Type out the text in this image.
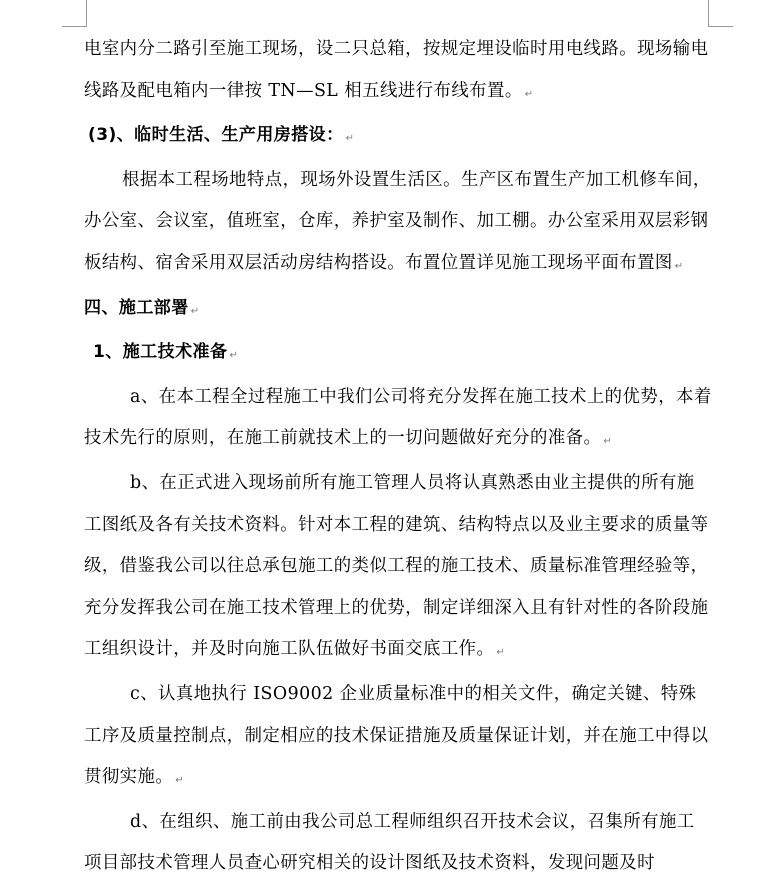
电室内分二路引至施工现场，设二只总箱，按规定埋设临时用电线路。现场输电线路及配电箱内一律按 TN—SL 相五线进行布线布置。 ↵

(3)、临时生活、生产用房搭设： ↵

根据本工程场地特点，现场外设置生活区。生产区布置生产加工机修车间，办公室、会议室，值班室，仓库，养护室及制作、加工棚。办公室采用双层彩钢板结构、宿舍采用双层活动房结构搭设。布置位置详见施工现场平面布置图 ↵

四、施工部署 ↵

1、施工技术准备 ↵

a、在本工程全过程施工中我们公司将充分发挥在施工技术上的优势，本着技术先行的原则，在施工前就技术上的一切问题做好充分的准备。 ↵

b、在正式进入现场前所有施工管理人员将认真熟悉由业主提供的所有施工图纸及各有关技术资料。针对本工程的建筑、结构特点以及业主要求的质量等级，借鉴我公司以往总承包施工的类似工程的施工技术、质量标准管理经验等，充分发挥我公司在施工技术管理上的优势，制定详细深入且有针对性的各阶段施工组织设计，并及时向施工队伍做好书面交底工作。 ↵

c、认真地执行 ISO9002 企业质量标准中的相关文件，确定关键、特殊工序及质量控制点，制定相应的技术保证措施及质量保证计划，并在施工中得以贯彻实施。 ↵

d、在组织、施工前由我公司总工程师组织召开技术会议，召集所有施工项目部技术管理人员查心研究相关的设计图纸及技术资料，发现问题及时
